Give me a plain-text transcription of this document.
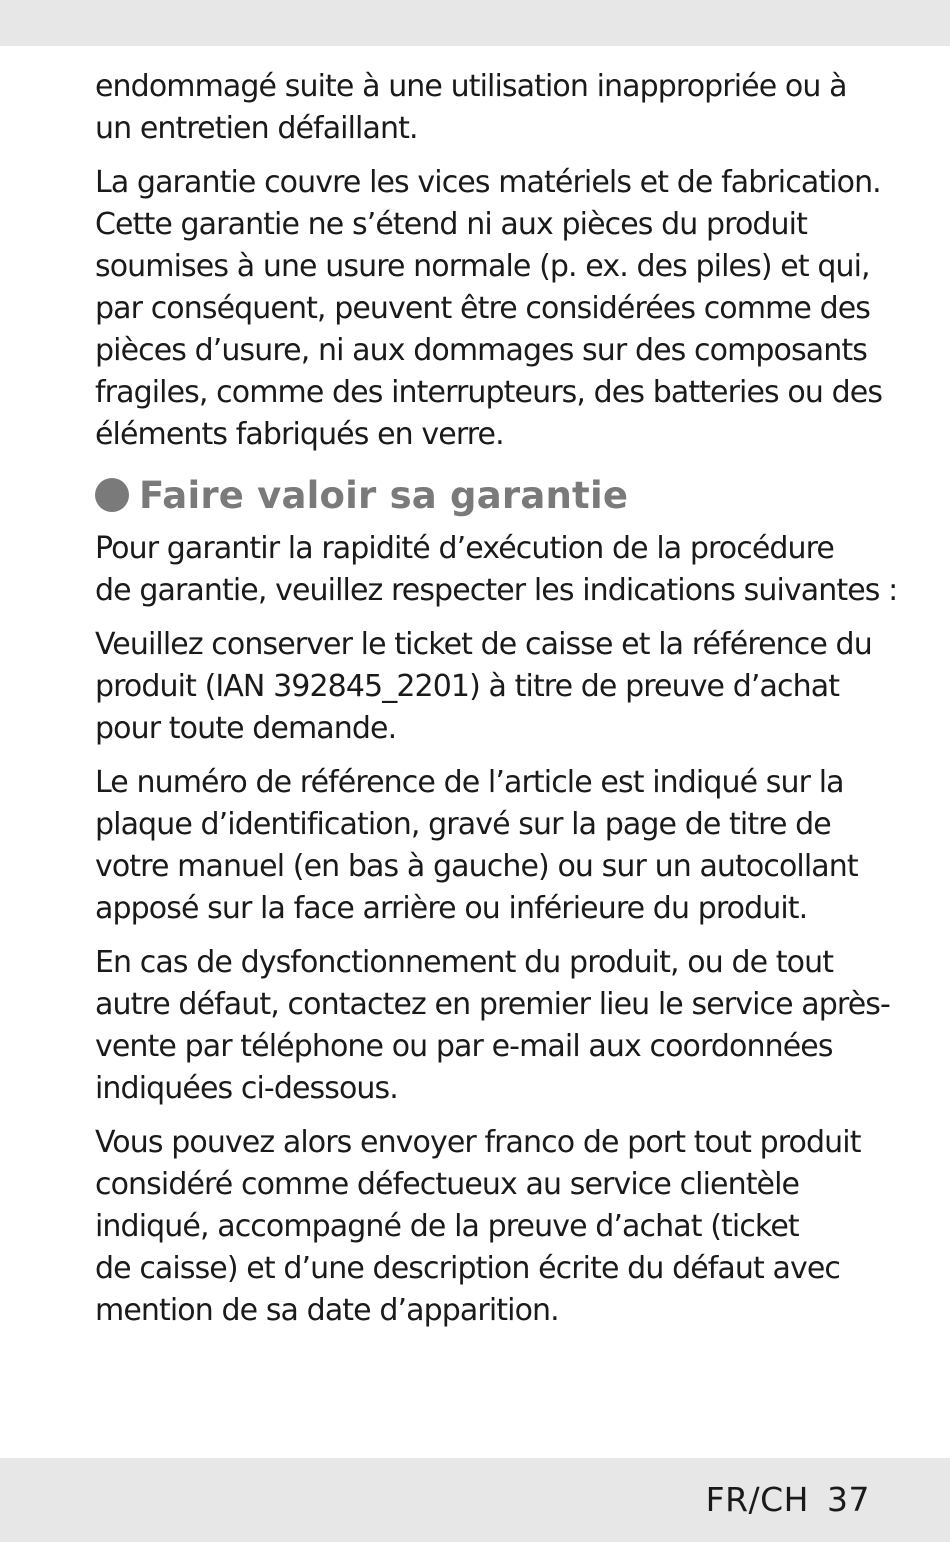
endommagé suite à une utilisation inappropriée ou à
un entretien défaillant.

La garantie couvre les vices matériels et de fabrication.
Cette garantie ne s’étend ni aux pièces du produit
soumises à une usure normale (p. ex. des piles) et qui,
par conséquent, peuvent être considérées comme des
pièces d’usure, ni aux dommages sur des composants
fragiles, comme des interrupteurs, des batteries ou des
éléments fabriqués en verre.

Faire valoir sa garantie

Pour garantir la rapidité d’exécution de la procédure
de garantie, veuillez respecter les indications suivantes :

Veuillez conserver le ticket de caisse et la référence du
produit (IAN 392845_2201) à titre de preuve d’achat
pour toute demande.

Le numéro de référence de l’article est indiqué sur la
plaque d’identification, gravé sur la page de titre de
votre manuel (en bas à gauche) ou sur un autocollant
apposé sur la face arrière ou inférieure du produit.

En cas de dysfonctionnement du produit, ou de tout
autre défaut, contactez en premier lieu le service après-
vente par téléphone ou par e-mail aux coordonnées
indiquées ci-dessous.

Vous pouvez alors envoyer franco de port tout produit
considéré comme défectueux au service clientèle
indiqué, accompagné de la preuve d’achat (ticket
de caisse) et d’une description écrite du défaut avec
mention de sa date d’apparition.

FR/CH 37
